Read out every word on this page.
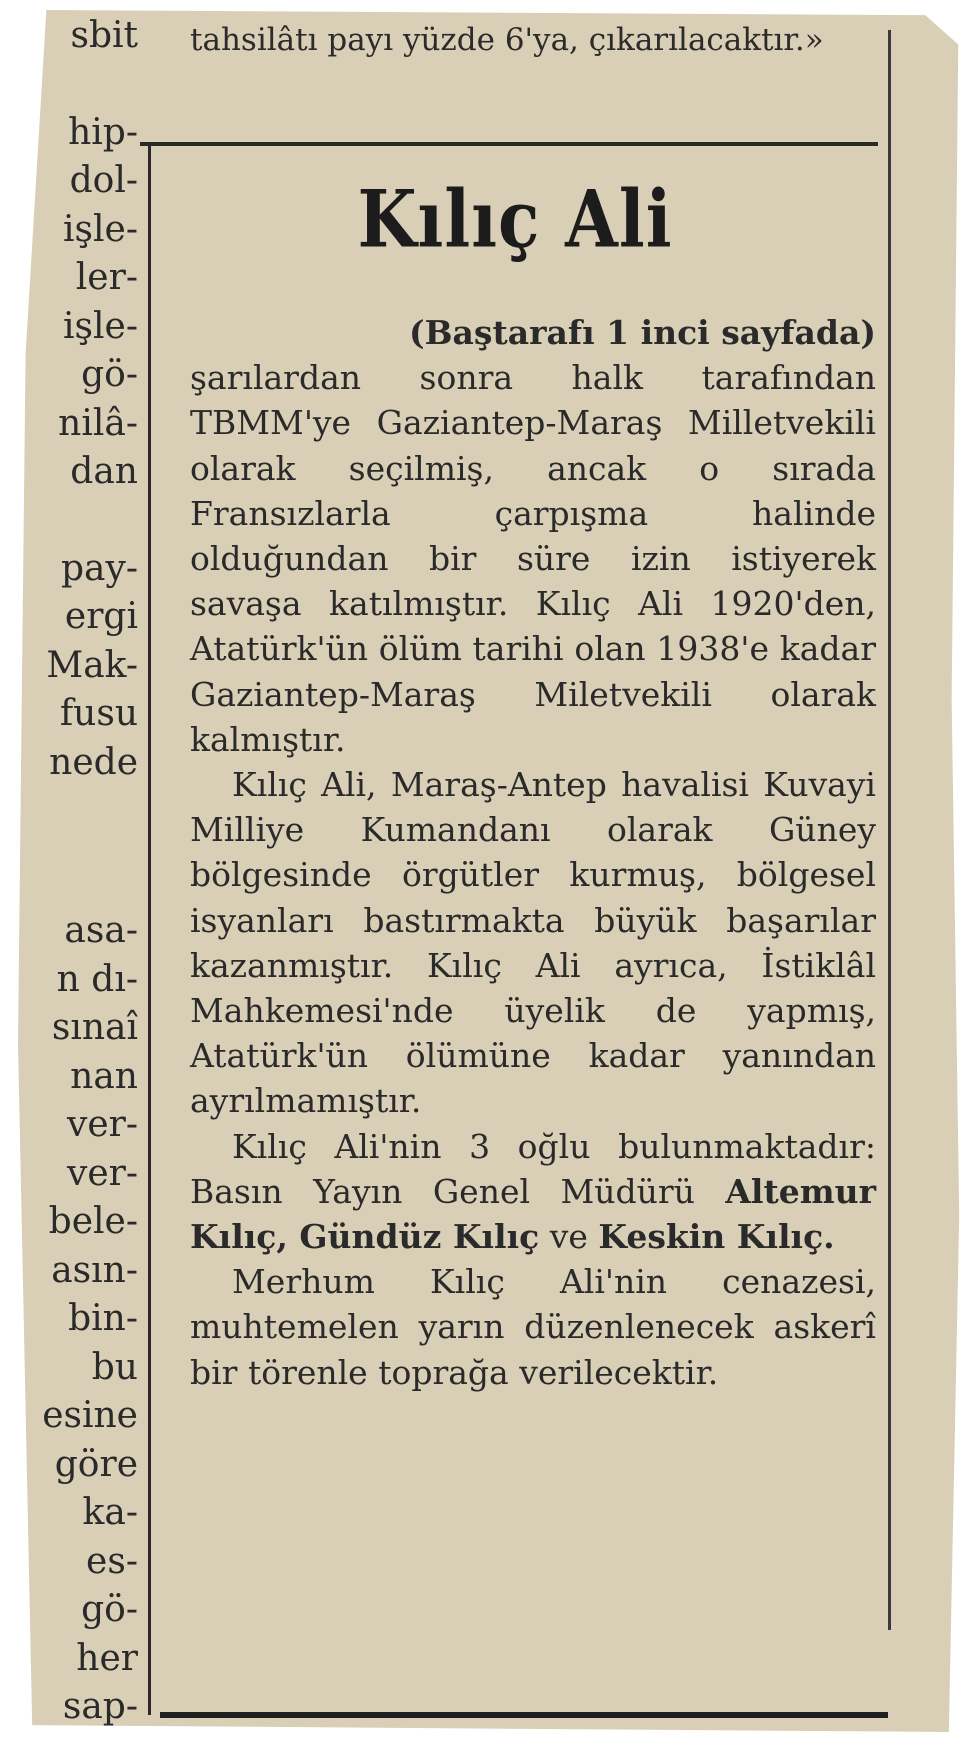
sbit
hip-
dol-
işle-
ler-
işle-
gö-
nilâ-
dan
pay-
ergi
Mak-
fusu
nede
asa-
n dı-
sınaî
nan
ver-
ver-
bele-
asın-
bin-
bu
esine
göre
ka-
es-
gö-
her
sap-
tahsilâtı payı yüzde 6'ya, çıkarılacaktır.»
Kılıç Ali

(Baştarafı 1 inci sayfada)

şarılardan sonra halk tarafından TBMM'ye Gaziantep-Maraş Milletvekili olarak seçilmiş, ancak o sırada Fransızlarla çarpışma halinde olduğundan bir süre izin istiyerek savaşa katılmıştır. Kılıç Ali 1920'den, Atatürk'ün ölüm tarihi olan 1938'e kadar Gaziantep-Maraş Miletvekili olarak kalmıştır.

Kılıç Ali, Maraş-Antep havalisi Kuvayi Milliye Kumandanı olarak Güney bölgesinde örgütler kurmuş, bölgesel isyanları bastırmakta büyük başarılar kazanmıştır. Kılıç Ali ayrıca, İstiklâl Mahkemesi'nde üyelik de yapmış, Atatürk'ün ölümüne kadar yanından ayrılmamıştır.

Kılıç Ali'nin 3 oğlu bulunmaktadır: Basın Yayın Genel Müdürü Altemur Kılıç, Gündüz Kılıç ve Keskin Kılıç.

Merhum Kılıç Ali'nin cenazesi, muhtemelen yarın düzenlenecek askerî bir törenle toprağa verilecektir.
